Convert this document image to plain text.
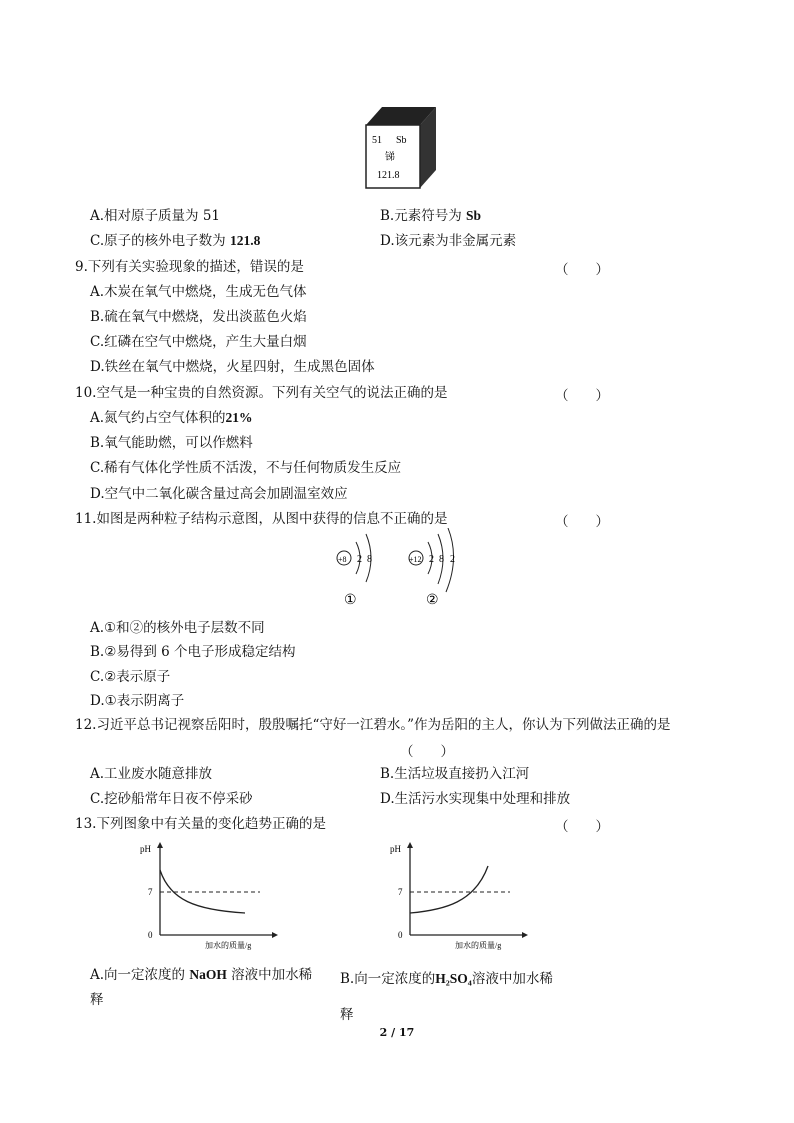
51 Sb
锑
121.8
A.相对原子质量为 51	B.元素符号为 Sb
C.原子的核外电子数为 121.8	D.该元素为非金属元素
9.下列有关实验现象的描述，错误的是	（　　）
A.木炭在氧气中燃烧，生成无色气体
B.硫在氧气中燃烧，发出淡蓝色火焰
C.红磷在空气中燃烧，产生大量白烟
D.铁丝在氧气中燃烧，火星四射，生成黑色固体
10.空气是一种宝贵的自然资源。下列有关空气的说法正确的是	（　　）
A.氮气约占空气体积的21%
B.氧气能助燃，可以作燃料
C.稀有气体化学性质不活泼，不与任何物质发生反应
D.空气中二氧化碳含量过高会加剧温室效应
11.如图是两种粒子结构示意图，从图中获得的信息不正确的是	（　　）
+8 2 8
①
+12 2 8 2
②
A.①和②的核外电子层数不同
B.②易得到 6 个电子形成稳定结构
C.②表示原子
D.①表示阴离子
12.习近平总书记视察岳阳时，殷殷嘱托“守好一江碧水。”作为岳阳的主人，你认为下列做法正确的是
（　　）
A.工业废水随意排放	B.生活垃圾直接扔入江河
C.挖砂船常年日夜不停采砂	D.生活污水实现集中处理和排放
13.下列图象中有关量的变化趋势正确的是	（　　）
pH
7
0
加水的质量/g
pH
7
0
加水的质量/g
A.向一定浓度的 NaOH 溶液中加水稀
释
B.向一定浓度的H₂SO₄溶液中加水稀
释
2 / 17
